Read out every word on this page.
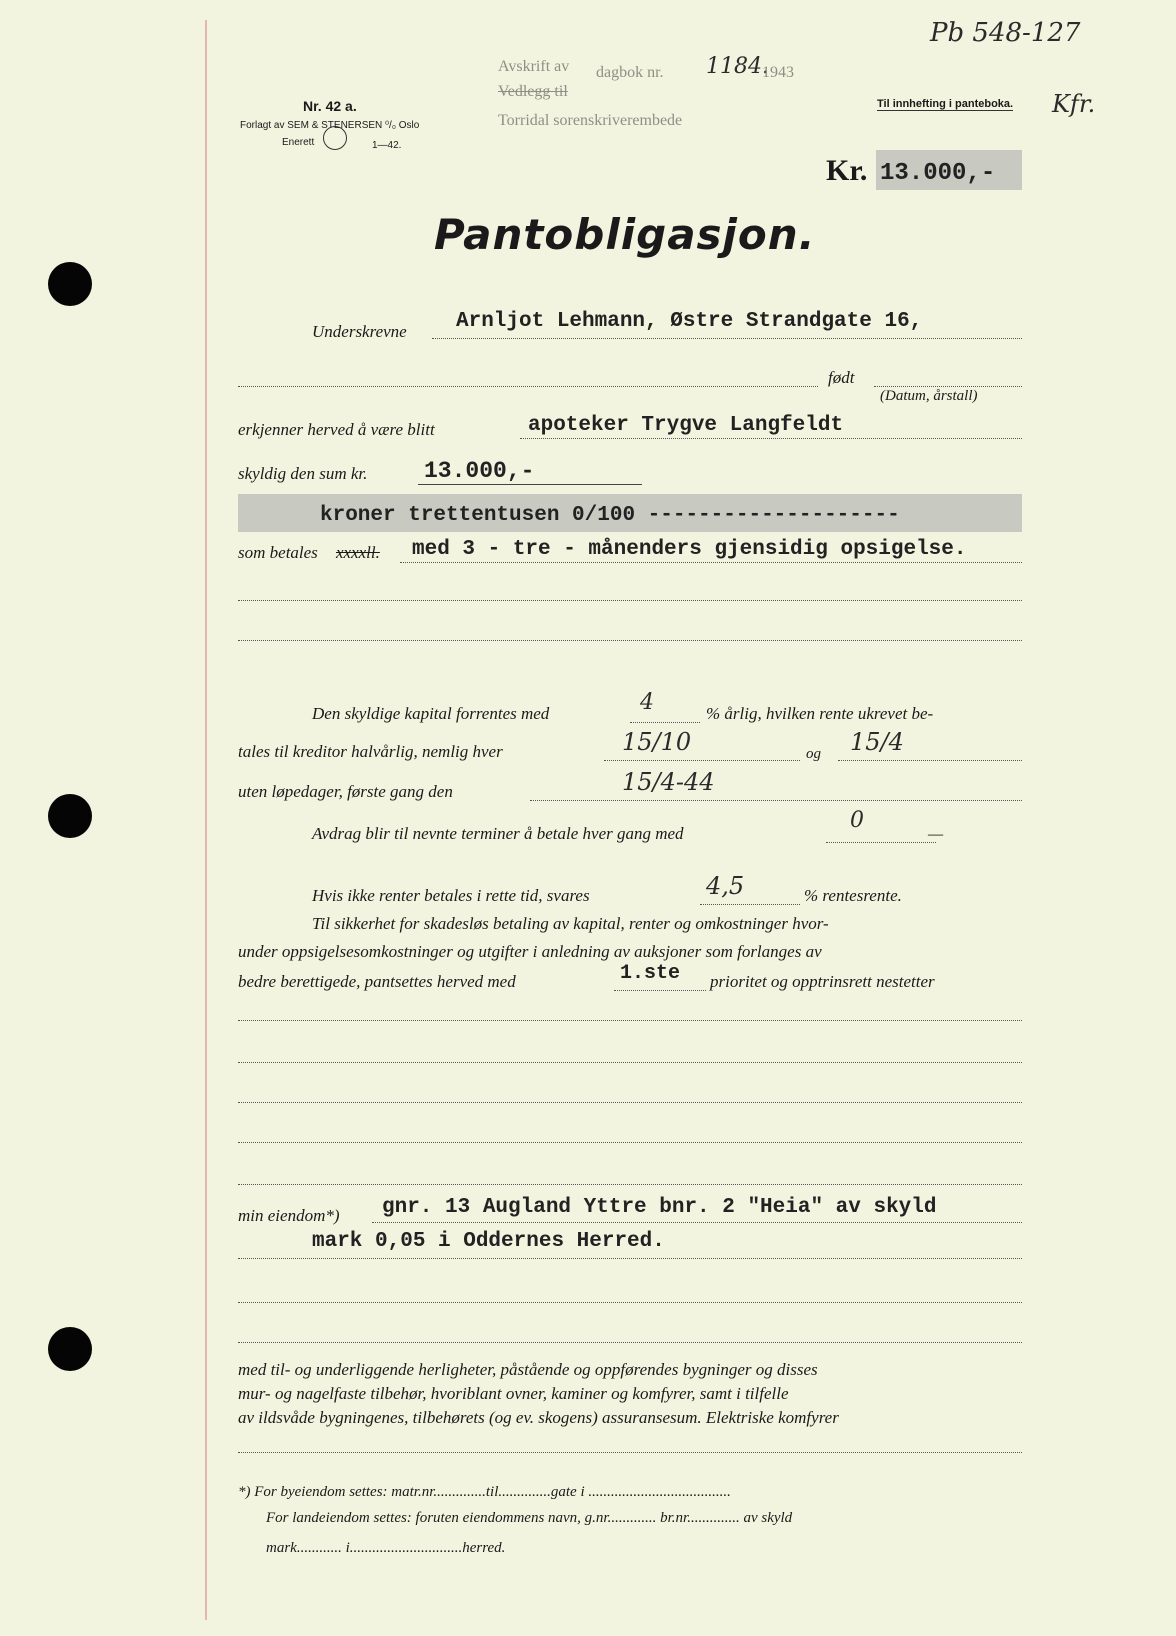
Pb 548-127
Kfr.
Nr. 42 a.
Forlagt av SEM & STENERSEN ⁰/₀ Oslo
Enerett	1—42.
Avskrift av dagbok nr. 1184.
1943
Vedlegg til
Torridal sorenskriverembede
Til innhefting i panteboka.
Kr. 13.000,-
Pantobligasjon.
Underskrevne Arnljot Lehmann, Østre Strandgate 16,
født
(Datum, årstall)
erkjenner herved å være blitt	apoteker Trygve Langfeldt
skyldig den sum kr. 13.000,-
kroner trettentusen 0/100 --------------------
som betales xxxxll. med 3 - tre - månenders gjensidig opsigelse.
Den skyldige kapital forrentes med	4	% årlig, hvilken rente ukrevet be-
tales til kreditor halvårlig, nemlig hver	15/10	og 15/4
uten løpedager, første gang den	15/4-44
Avdrag blir til nevnte terminer å betale hver gang med
0
—
Hvis ikke renter betales i rette tid, svares	4,5	% rentesrente.
Til sikkerhet for skadesløs betaling av kapital, renter og omkostninger hvor-
under oppsigelsesomkostninger og utgifter i anledning av auksjoner som forlanges av
bedre berettigede, pantsettes herved med	1.ste prioritet og opptrinsrett nestetter
min eiendom*) gnr. 13 Augland Yttre bnr. 2 "Heia" av skyld
mark 0,05 i Oddernes Herred.
med til- og underliggende herligheter, påstående og oppførendes bygninger og disses
mur- og nagelfaste tilbehør, hvoriblant ovner, kaminer og komfyrer, samt i tilfelle
av ildsvåde bygningenes, tilbehørets (og ev. skogens) assuransesum. Elektriske komfyrer
*) For byeiendom settes: matr.nr..............til..............gate i ......................................
For landeiendom settes: foruten eiendommens navn, g.nr............. br.nr.............. av skyld
mark............ i..............................herred.
